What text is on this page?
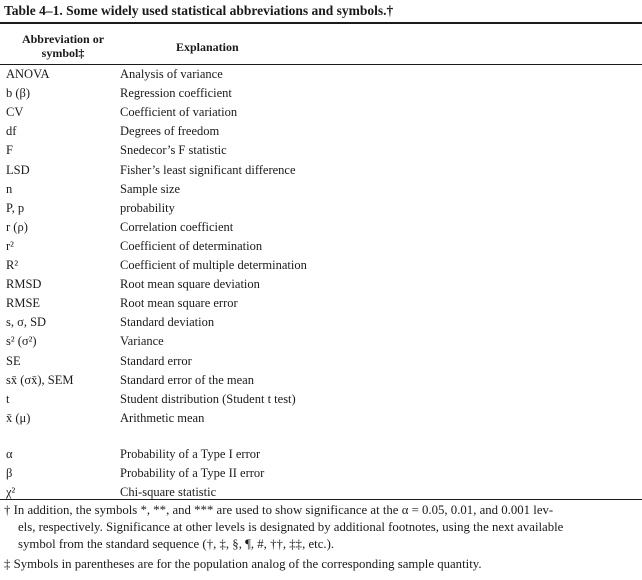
Table 4–1. Some widely used statistical abbreviations and symbols.†
Abbreviation or
symbol‡	Explanation
ANOVA	Analysis of variance
b (β)	Regression coefficient
CV	Coefficient of variation
df	Degrees of freedom
F	Snedecor’s F statistic
LSD	Fisher’s least significant difference
n	Sample size
P, p	probability
r (ρ)	Correlation coefficient
r²	Coefficient of determination
R²	Coefficient of multiple determination
RMSD	Root mean square deviation
RMSE	Root mean square error
s, σ, SD	Standard deviation
s² (σ²)	Variance
SE	Standard error
sx̄ (σx̄), SEM	Standard error of the mean
t	Student distribution (Student t test)
x̄ (μ)	Arithmetic mean
α	Probability of a Type I error
β	Probability of a Type II error
χ²	Chi-square statistic
† In addition, the symbols *, **, and *** are used to show significance at the α = 0.05, 0.01, and 0.001 lev-
els, respectively. Significance at other levels is designated by additional footnotes, using the next available
symbol from the standard sequence (†, ‡, §, ¶, #, ††, ‡‡, etc.).
‡ Symbols in parentheses are for the population analog of the corresponding sample quantity.
